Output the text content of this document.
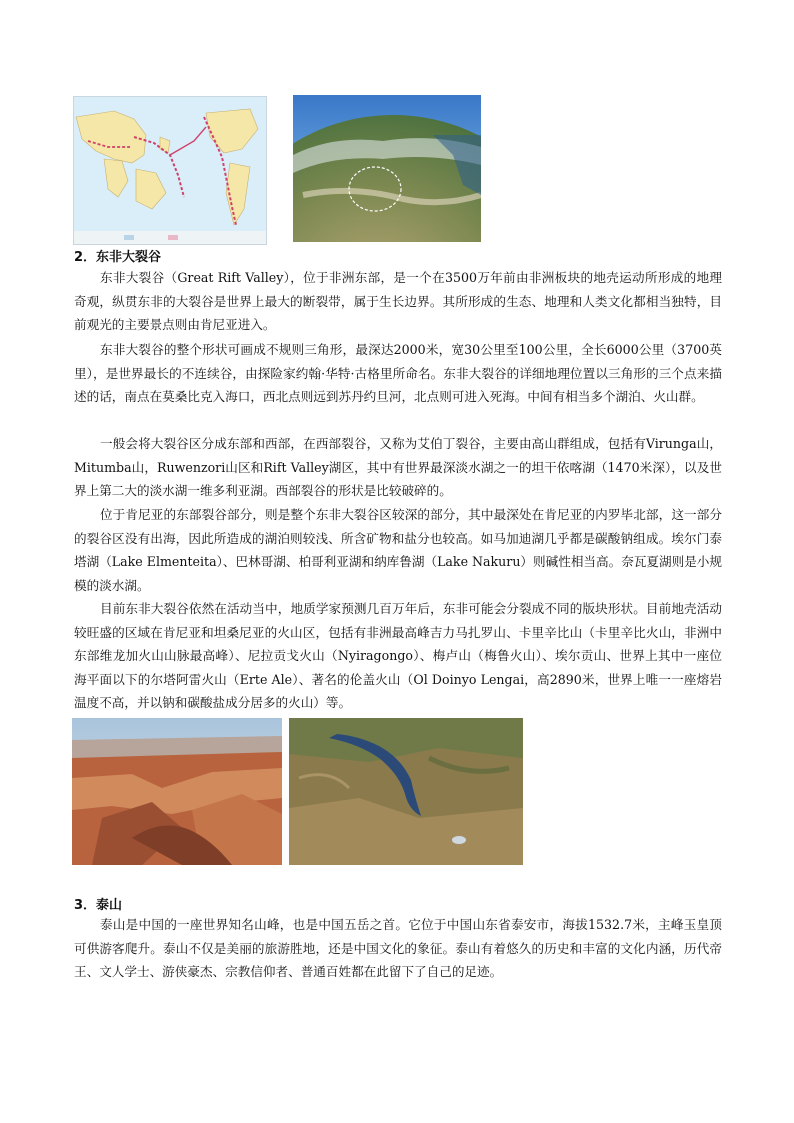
2．东非大裂谷

东非大裂谷（Great Rift Valley），位于非洲东部，是一个在3500万年前由非洲板块的地壳运动所形成的地理奇观，纵贯东非的大裂谷是世界上最大的断裂带，属于生长边界。其所形成的生态、地理和人类文化都相当独特，目前观光的主要景点则由肯尼亚进入。

东非大裂谷的整个形状可画成不规则三角形，最深达2000米，宽30公里至100公里，全长6000公里（3700英里），是世界最长的不连续谷，由探险家约翰·华特·古格里所命名。东非大裂谷的详细地理位置以三角形的三个点来描述的话，南点在莫桑比克入海口，西北点则远到苏丹约旦河，北点则可进入死海。中间有相当多个湖泊、火山群。

一般会将大裂谷区分成东部和西部，在西部裂谷，又称为艾伯丁裂谷，主要由高山群组成，包括有Virunga山，Mitumba山，Ruwenzori山区和Rift Valley湖区，其中有世界最深淡水湖之一的坦干依喀湖（1470米深），以及世界上第二大的淡水湖一维多利亚湖。西部裂谷的形状是比较破碎的。

位于肯尼亚的东部裂谷部分，则是整个东非大裂谷区较深的部分，其中最深处在肯尼亚的内罗毕北部，这一部分的裂谷区没有出海，因此所造成的湖泊则较浅、所含矿物和盐分也较高。如马加迪湖几乎都是碳酸钠组成。埃尔门泰塔湖（Lake Elmenteita）、巴林哥湖、柏哥利亚湖和纳库鲁湖（Lake Nakuru）则碱性相当高。奈瓦夏湖则是小规模的淡水湖。

目前东非大裂谷依然在活动当中，地质学家预测几百万年后，东非可能会分裂成不同的版块形状。目前地壳活动较旺盛的区域在肯尼亚和坦桑尼亚的火山区，包括有非洲最高峰吉力马扎罗山、卡里辛比山（卡里辛比火山，非洲中东部维龙加火山山脉最高峰）、尼拉贡戈火山（Nyiragongo）、梅卢山（梅鲁火山）、埃尔贡山、世界上其中一座位海平面以下的尔塔阿雷火山（Erte Ale）、著名的伦盖火山（Ol Doinyo Lengai，高2890米，世界上唯一一座熔岩温度不高，并以钠和碳酸盐成分居多的火山）等。

3．泰山

泰山是中国的一座世界知名山峰，也是中国五岳之首。它位于中国山东省泰安市，海拔1532.7米，主峰玉皇顶可供游客爬升。泰山不仅是美丽的旅游胜地，还是中国文化的象征。泰山有着悠久的历史和丰富的文化内涵，历代帝王、文人学士、游侠豪杰、宗教信仰者、普通百姓都在此留下了自己的足迹。
